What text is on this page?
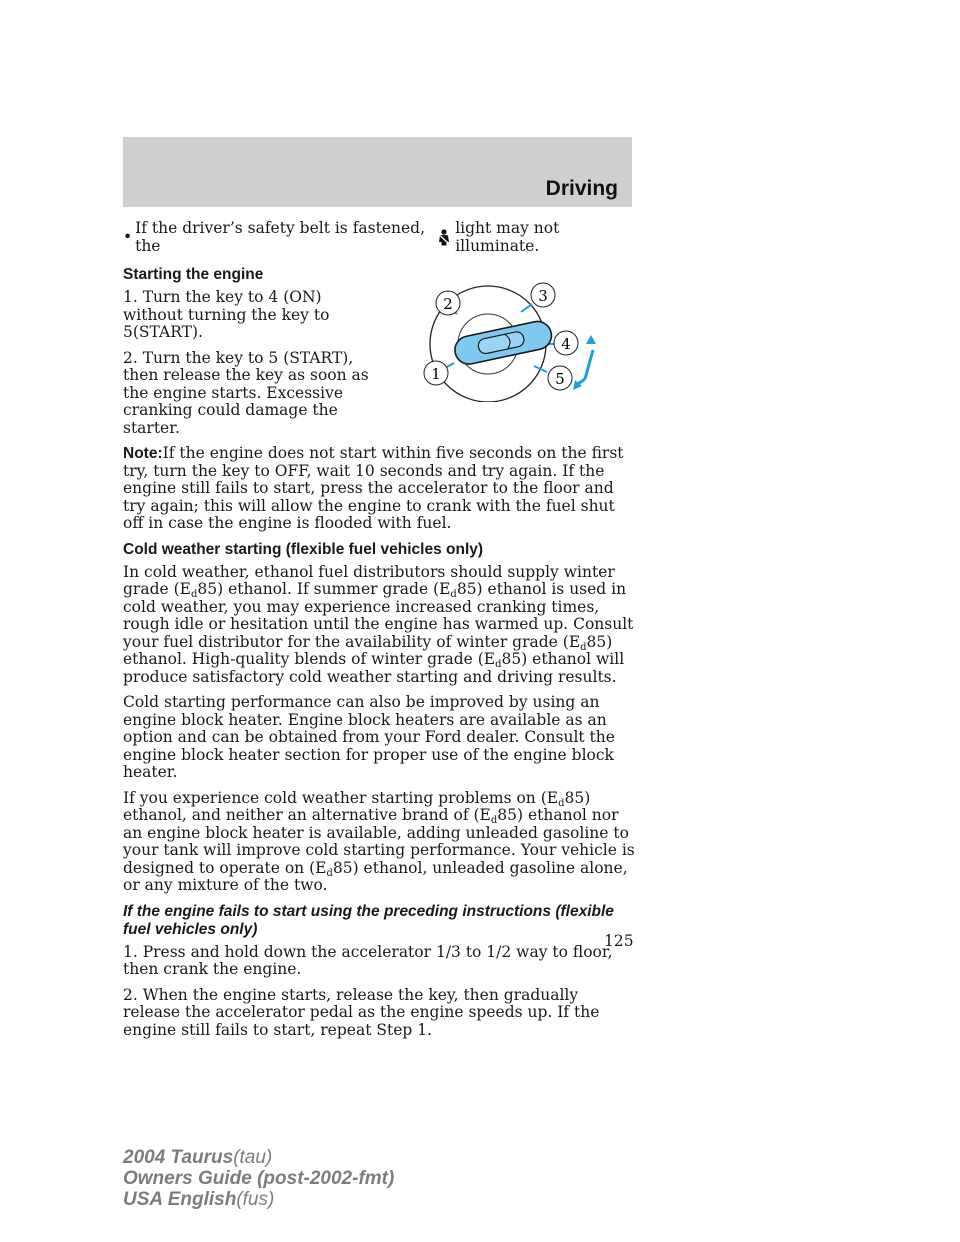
Driving
• If the driver’s safety belt is fastened, the
light may not illuminate.
Starting the engine

1. Turn the key to 4 (ON) without turning the key to 5(START).

2. Turn the key to 5 (START), then release the key as soon as the engine starts. Excessive cranking could damage the starter.

Note:If the engine does not start within five seconds on the first try, turn the key to OFF, wait 10 seconds and try again. If the engine still fails to start, press the accelerator to the floor and try again; this will allow the engine to crank with the fuel shut off in case the engine is flooded with fuel.

Cold weather starting (flexible fuel vehicles only)

In cold weather, ethanol fuel distributors should supply winter grade $(E_d85)$ ethanol. If summer grade $(E_d85)$ ethanol is used in cold weather, you may experience increased cranking times, rough idle or hesitation until the engine has warmed up. Consult your fuel distributor for the availability of winter grade $(E_d85)$ ethanol. High-quality blends of winter grade $(E_d85)$ ethanol will produce satisfactory cold weather starting and driving results.

Cold starting performance can also be improved by using an engine block heater. Engine block heaters are available as an option and can be obtained from your Ford dealer. Consult the engine block heater section for proper use of the engine block heater.

If you experience cold weather starting problems on $(E_d85)$ ethanol, and neither an alternative brand of $(E_d85)$ ethanol nor an engine block heater is available, adding unleaded gasoline to your tank will improve cold starting performance. Your vehicle is designed to operate on $(E_d85)$ ethanol, unleaded gasoline alone, or any mixture of the two.

If the engine fails to start using the preceding instructions (flexible fuel vehicles only)

1. Press and hold down the accelerator 1/3 to 1/2 way to floor, then crank the engine.

2. When the engine starts, release the key, then gradually release the accelerator pedal as the engine speeds up. If the engine still fails to start, repeat Step 1.

1
2	3
4
5
125
2004 Taurus(tau)
Owners Guide (post-2002-fmt)
USA English(fus)
